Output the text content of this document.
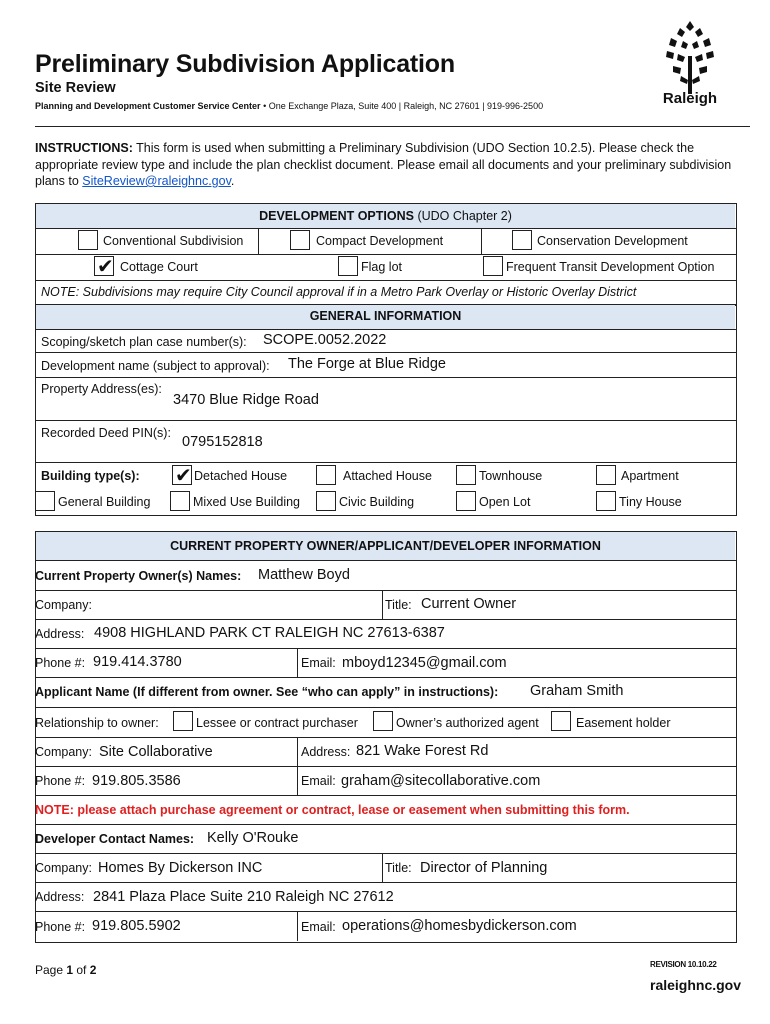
Preliminary Subdivision Application
Site Review
Planning and Development Customer Service Center • One Exchange Plaza, Suite 400 | Raleigh, NC 27601 | 919-996-2500	Raleigh
INSTRUCTIONS: This form is used when submitting a Preliminary Subdivision (UDO Section 10.2.5). Please check the appropriate review type and include the plan checklist document. Please email all documents and your preliminary subdivision plans to SiteReview@raleighnc.gov.
DEVELOPMENT OPTIONS (UDO Chapter 2)
Conventional Subdivision	Compact Development	Conservation Development
✔ Cottage Court	Flag lot	Frequent Transit Development Option
NOTE: Subdivisions may require City Council approval if in a Metro Park Overlay or Historic Overlay District
GENERAL INFORMATION
Scoping/sketch plan case number(s): SCOPE.0052.2022
Development name (subject to approval): The Forge at Blue Ridge
Property Address(es):
3470 Blue Ridge Road
Recorded Deed PIN(s):
0795152818
Building type(s): ✔ Detached House	Attached House	Townhouse	Apartment
General Building	Mixed Use Building	Civic Building	Open Lot	Tiny House
CURRENT PROPERTY OWNER/APPLICANT/DEVELOPER INFORMATION
Current Property Owner(s) Names: Matthew Boyd
Company:	Title: Current Owner
Address: 4908 HIGHLAND PARK CT RALEIGH NC 27613-6387
Phone #: 919.414.3780	Email: mboyd12345@gmail.com
Applicant Name (If different from owner. See “who can apply” in instructions): Graham Smith
Relationship to owner:	Lessee or contract purchaser	Owner’s authorized agent	Easement holder
Company: Site Collaborative	Address: 821 Wake Forest Rd
Phone #: 919.805.3586	Email: graham@sitecollaborative.com
NOTE: please attach purchase agreement or contract, lease or easement when submitting this form.
Developer Contact Names: Kelly O'Rouke
Company: Homes By Dickerson INC	Title: Director of Planning
Address: 2841 Plaza Place Suite 210 Raleigh NC 27612
Phone #: 919.805.5902	Email: operations@homesbydickerson.com
Page 1 of 2	REVISION 10.10.22
raleighnc.gov
